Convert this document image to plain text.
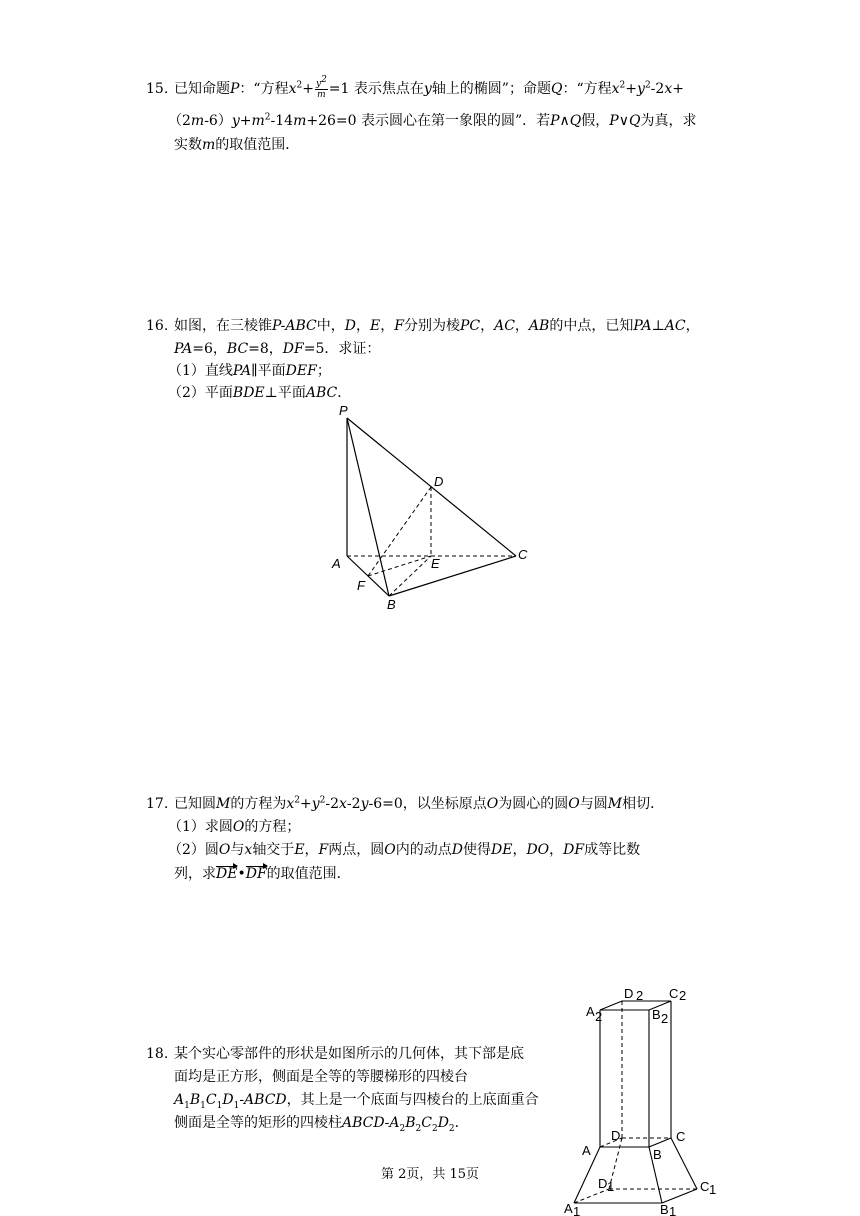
15. 已知命题P：“方程$x^2+ \frac{y^2}{m} =1$ 表示焦点在y轴上的椭圆”；命题Q：“方程$x^2+y^2-2x+$
$(2m-6)y+m^2-14m+26=0$ 表示圆心在第一象限的圆”．若P∧Q假，P∨Q为真，求
实数m的取值范围．
16. 如图，在三棱锥P-ABC中，D，E，F分别为棱PC，AC，AB的中点，已知PA⊥AC，
PA=6，BC=8，DF=5．求证：
（1）直线PA∥平面DEF；
（2）平面BDE⊥平面ABC．
P
D
C
A	E
F
B
17. 已知圆M的方程为$x^2+y^2-2x-2y-6=0$，以坐标原点O为圆心的圆O与圆M相切．
（1）求圆O的方程；
（2）圆O与x轴交于E，F两点，圆O内的动点D使得DE，DO，DF成等比数
列，求DE•DF的取值范围．
18. 某个实心零部件的形状是如图所示的几何体，其下部是底
面均是正方形，侧面是全等的等腰梯形的四棱台
$A_1B_1C_1D_1$-ABCD，其上是一个底面与四棱台的上底面重合
侧面是全等的矩形的四棱柱ABCD-$A_2B_2C_2D_2$．
D 2 C 2
A 2	B 2
D	C
A	B
D 1	C 1
A 1	B 1
第 2页，共 15页
